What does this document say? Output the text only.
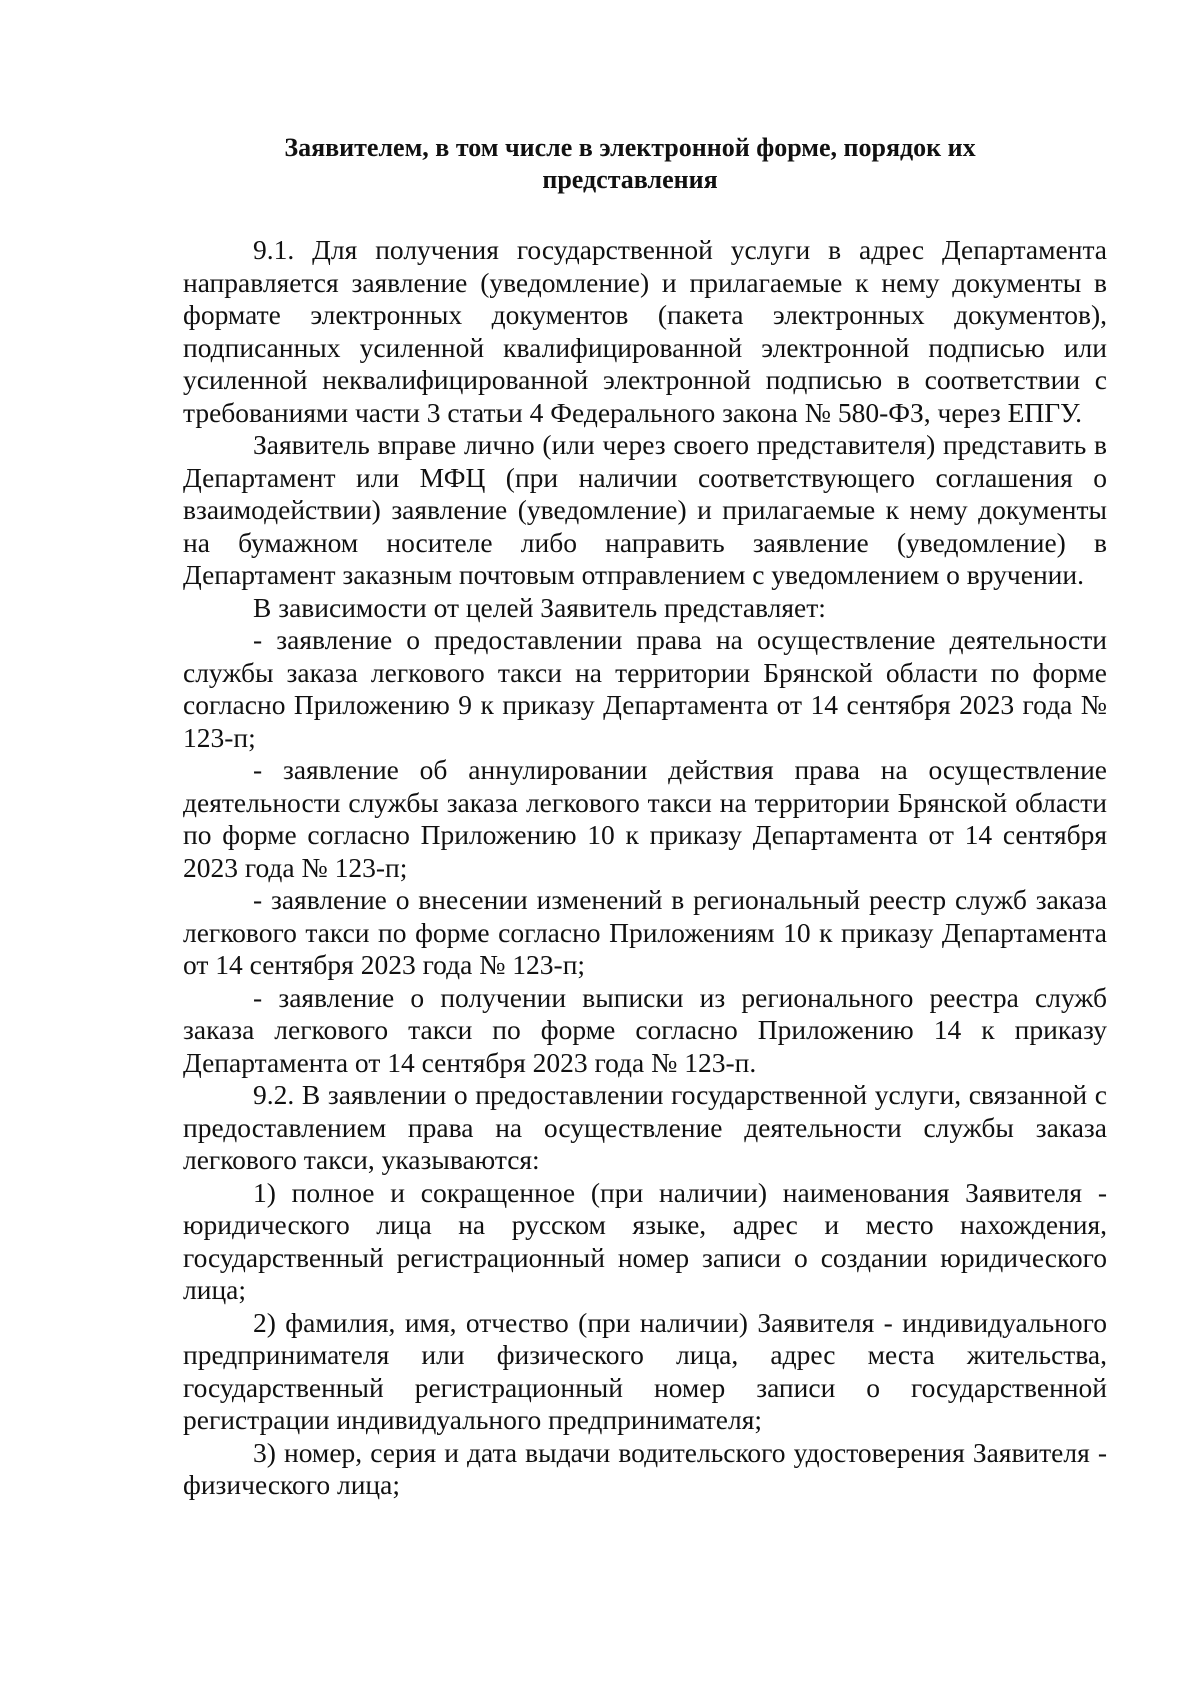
Заявителем, в том числе в электронной форме, порядок их
представления

9.1. Для получения государственной услуги в адрес Департамента направляется заявление (уведомление) и прилагаемые к нему документы в формате электронных документов (пакета электронных документов), подписанных усиленной квалифицированной электронной подписью или усиленной неквалифицированной электронной подписью в соответствии с требованиями части 3 статьи 4 Федерального закона № 580-ФЗ, через ЕПГУ.

Заявитель вправе лично (или через своего представителя) представить в Департамент или МФЦ (при наличии соответствующего соглашения о взаимодействии) заявление (уведомление) и прилагаемые к нему документы на бумажном носителе либо направить заявление (уведомление) в Департамент заказным почтовым отправлением с уведомлением о вручении.

В зависимости от целей Заявитель представляет:

- заявление о предоставлении права на осуществление деятельности службы заказа легкового такси на территории Брянской области по форме согласно Приложению 9 к приказу Департамента от 14 сентября 2023 года № 123-п;

- заявление об аннулировании действия права на осуществление деятельности службы заказа легкового такси на территории Брянской области по форме согласно Приложению 10 к приказу Департамента от 14 сентября 2023 года № 123-п;

- заявление о внесении изменений в региональный реестр служб заказа легкового такси по форме согласно Приложениям 10 к приказу Департамента от 14 сентября 2023 года № 123-п;

- заявление о получении выписки из регионального реестра служб заказа легкового такси по форме согласно Приложению 14 к приказу Департамента от 14 сентября 2023 года № 123-п.

9.2. В заявлении о предоставлении государственной услуги, связанной с предоставлением права на осуществление деятельности службы заказа легкового такси, указываются:

1) полное и сокращенное (при наличии) наименования Заявителя - юридического лица на русском языке, адрес и место нахождения, государственный регистрационный номер записи о создании юридического лица;

2) фамилия, имя, отчество (при наличии) Заявителя - индивидуального предпринимателя или физического лица, адрес места жительства, государственный регистрационный номер записи о государственной регистрации индивидуального предпринимателя;

3) номер, серия и дата выдачи водительского удостоверения Заявителя - физического лица;
